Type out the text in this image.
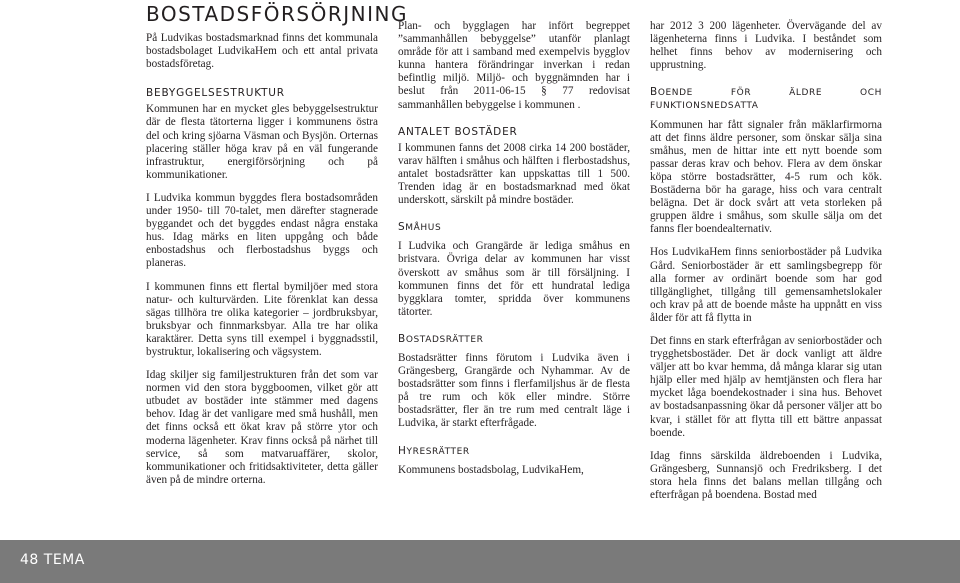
BOSTADSFÖRSÖRJNING

På Ludvikas bostadsmarknad finns det kommunala bostadsbolaget LudvikaHem och ett antal privata bostadsföretag.

BEBYGGELSESTRUKTUR

Kommunen har en mycket gles bebyggelsestruktur där de flesta tätorterna ligger i kommunens östra del och kring sjöarna Väsman och Bysjön. Orternas placering ställer höga krav på en väl fungerande infrastruktur, energiförsörjning och på kommunikationer.

I Ludvika kommun byggdes flera bostadsområden under 1950- till 70-talet, men därefter stagnerade byggandet och det byggdes endast några enstaka hus. Idag märks en liten uppgång och både enbostadshus och flerbostadshus byggs och planeras.

I kommunen finns ett flertal bymiljöer med stora natur- och kulturvärden. Lite förenklat kan dessa sägas tillhöra tre olika kategorier – jordbruksbyar, bruksbyar och finnmarksbyar. Alla tre har olika karaktärer. Detta syns till exempel i byggnadsstil, bystruktur, lokalisering och vägsystem.

Idag skiljer sig familjestrukturen från det som var normen vid den stora byggboomen, vilket gör att utbudet av bostäder inte stämmer med dagens behov. Idag är det vanligare med små hushåll, men det finns också ett ökat krav på större ytor och moderna lägenheter. Krav finns också på närhet till service, så som matvaruaffärer, skolor, kommunikationer och fritidsaktiviteter, detta gäller även på de mindre orterna.

Plan- och bygglagen har infört begreppet ”sammanhållen bebyggelse” utanför planlagt område för att i samband med exempelvis bygglov kunna hantera förändringar inverkan i redan befintlig miljö. Miljö- och byggnämnden har i beslut från 2011-06-15 § 77 redovisat sammanhållen bebyggelse i kommunen .

ANTALET BOSTÄDER

I kommunen fanns det 2008 cirka 14 200 bostäder, varav hälften i småhus och hälften i flerbostadshus, antalet bostadsrätter kan uppskattas till 1 500. Trenden idag är en bostadsmarknad med ökat underskott, särskilt på mindre bostäder.

SMÅHUS

I Ludvika och Grangärde är lediga småhus en bristvara. Övriga delar av kommunen har visst överskott av småhus som är till försäljning. I kommunen finns det för ett hundratal lediga byggklara tomter, spridda över kommunens tätorter.

BOSTADSRÄTTER

Bostadsrätter finns förutom i Ludvika även i Grängesberg, Grangärde och Nyhammar. Av de bostadsrätter som finns i flerfamiljshus är de flesta på tre rum och kök eller mindre. Större bostadsrätter, fler än tre rum med centralt läge i Ludvika, är starkt efterfrågade.

HYRESRÄTTER

Kommunens bostadsbolag, LudvikaHem,

har 2012 3 200 lägenheter. Övervägande del av lägenheterna finns i Ludvika. I beståndet som helhet finns behov av modernisering och upprustning.

BOENDE FÖR ÄLDRE OCH FUNKTIONSNEDSATTA

Kommunen har fått signaler från mäklarfirmorna att det finns äldre personer, som önskar sälja sina småhus, men de hittar inte ett nytt boende som passar deras krav och behov. Flera av dem önskar köpa större bostadsrätter, 4-5 rum och kök. Bostäderna bör ha garage, hiss och vara centralt belägna. Det är dock svårt att veta storleken på gruppen äldre i småhus, som skulle sälja om det fanns fler boendealternativ.

Hos LudvikaHem finns seniorbostäder på Ludvika Gård. Seniorbostäder är ett samlingsbegrepp för alla former av ordinärt boende som har god tillgänglighet, tillgång till gemensamhetslokaler och krav på att de boende måste ha uppnått en viss ålder för att få flytta in

Det finns en stark efterfrågan av seniorbostäder och trygghetsbostäder. Det är dock vanligt att äldre väljer att bo kvar hemma, då många klarar sig utan hjälp eller med hjälp av hemtjänsten och flera har mycket låga boendekostnader i sina hus. Behovet av bostadsanpassning ökar då personer väljer att bo kvar, i stället för att flytta till ett bättre anpassat boende.

Idag finns särskilda äldreboenden i Ludvika, Grängesberg, Sunnansjö och Fredriksberg. I det stora hela finns det balans mellan tillgång och efterfrågan på boendena. Bostad med

48 TEMA
